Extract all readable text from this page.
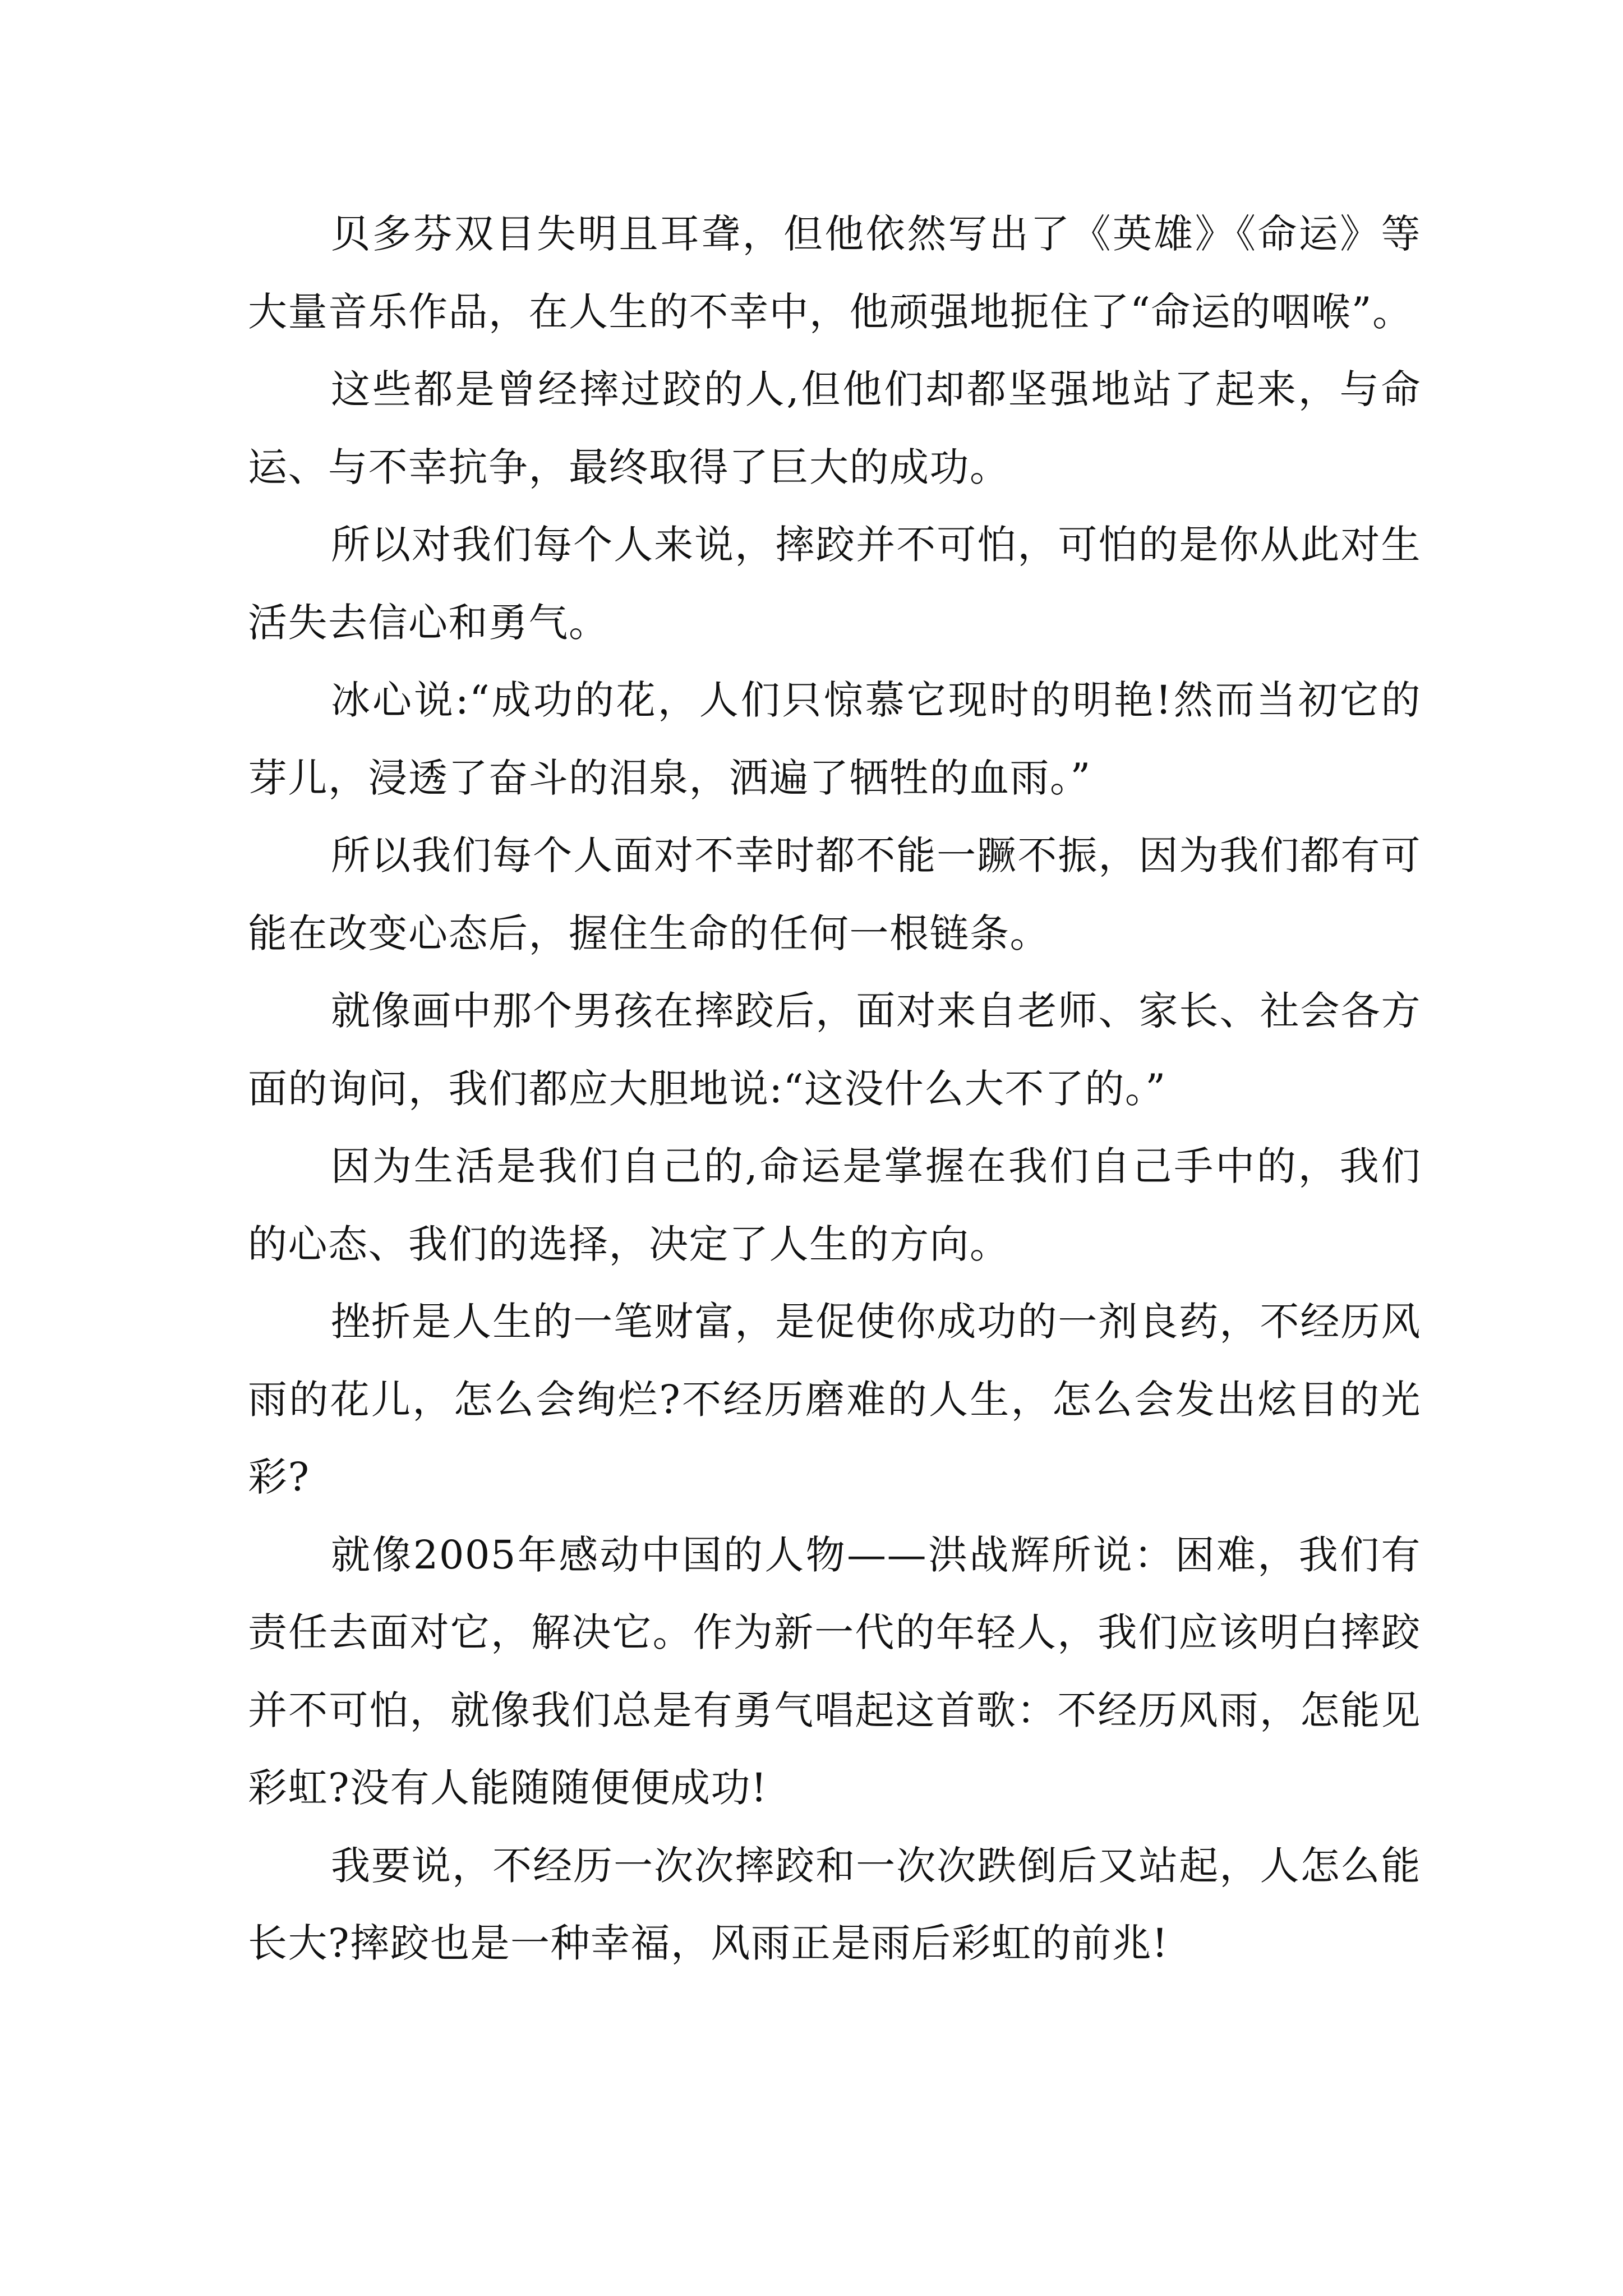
贝多芬双目失明且耳聋，但他依然写出了《英雄》《命运》等大量音乐作品，在人生的不幸中，他顽强地扼住了“命运的咽喉”。

这些都是曾经摔过跤的人,但他们却都坚强地站了起来，与命运、与不幸抗争，最终取得了巨大的成功。

所以对我们每个人来说，摔跤并不可怕，可怕的是你从此对生活失去信心和勇气。

冰心说:“成功的花，人们只惊慕它现时的明艳!然而当初它的芽儿，浸透了奋斗的泪泉，洒遍了牺牲的血雨。”

所以我们每个人面对不幸时都不能一蹶不振，因为我们都有可能在改变心态后，握住生命的任何一根链条。

就像画中那个男孩在摔跤后，面对来自老师、家长、社会各方面的询问，我们都应大胆地说:“这没什么大不了的。”

因为生活是我们自己的,命运是掌握在我们自己手中的，我们的心态、我们的选择，决定了人生的方向。

挫折是人生的一笔财富，是促使你成功的一剂良药，不经历风雨的花儿，怎么会绚烂?不经历磨难的人生，怎么会发出炫目的光彩?

就像2005年感动中国的人物——洪战辉所说：困难，我们有责任去面对它，解决它。作为新一代的年轻人，我们应该明白摔跤并不可怕，就像我们总是有勇气唱起这首歌：不经历风雨，怎能见彩虹?没有人能随随便便成功!

我要说，不经历一次次摔跤和一次次跌倒后又站起，人怎么能长大?摔跤也是一种幸福，风雨正是雨后彩虹的前兆!
